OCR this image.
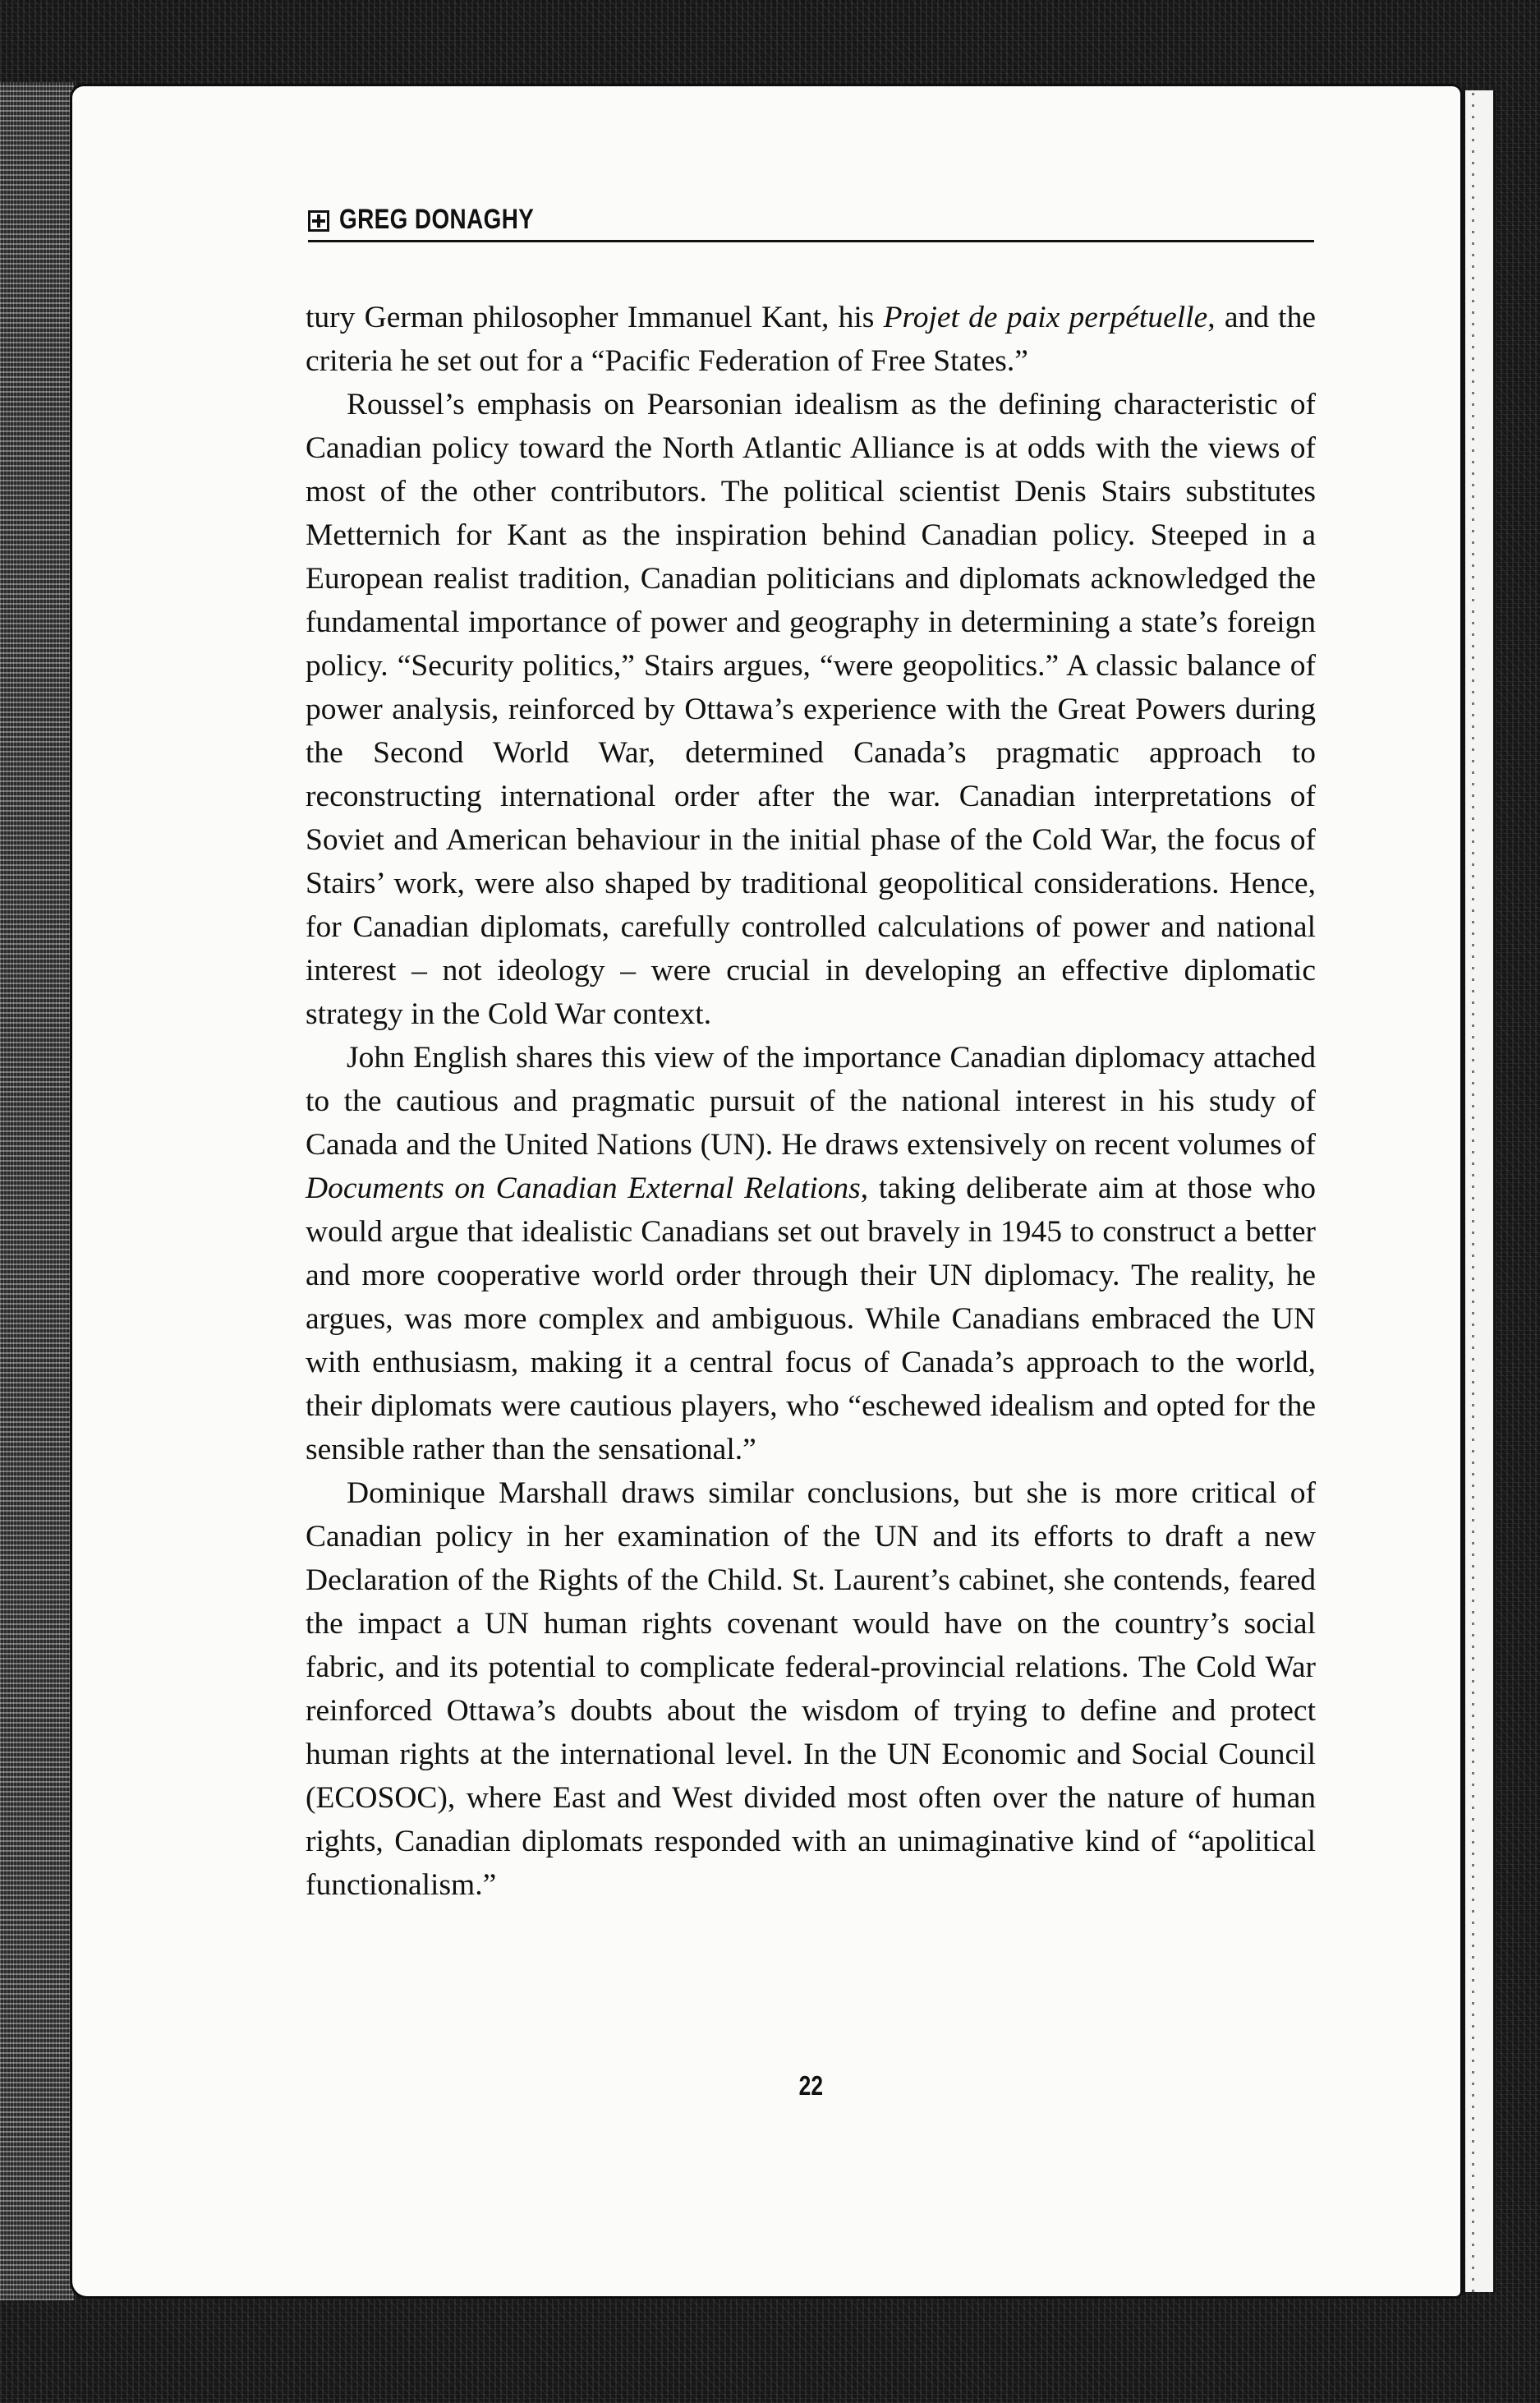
GREG DONAGHY

tury German philosopher Immanuel Kant, his Projet de paix perpétuelle, and the criteria he set out for a “Pacific Federation of Free States.”

Roussel’s emphasis on Pearsonian idealism as the defining characteristic of Canadian policy toward the North Atlantic Alliance is at odds with the views of most of the other contributors. The political scientist Denis Stairs substitutes Metternich for Kant as the inspiration behind Canadian policy. Steeped in a European realist tradition, Canadian politicians and diplomats acknowledged the fundamental importance of power and geography in determining a state’s foreign policy. “Security politics,” Stairs argues, “were geopolitics.” A classic balance of power analysis, reinforced by Ottawa’s experience with the Great Powers during the Second World War, determined Canada’s pragmatic approach to reconstructing international order after the war. Canadian interpretations of Soviet and American behaviour in the initial phase of the Cold War, the focus of Stairs’ work, were also shaped by traditional geopolitical considerations. Hence, for Canadian diplomats, carefully controlled calculations of power and national interest – not ideology – were crucial in developing an effective diplomatic strategy in the Cold War context.

John English shares this view of the importance Canadian diplomacy attached to the cautious and pragmatic pursuit of the national interest in his study of Canada and the United Nations (UN). He draws extensively on recent volumes of Documents on Canadian External Relations, taking deliberate aim at those who would argue that idealistic Canadians set out bravely in 1945 to construct a better and more cooperative world order through their UN diplomacy. The reality, he argues, was more complex and ambiguous. While Canadians embraced the UN with enthusiasm, making it a central focus of Canada’s approach to the world, their diplomats were cautious players, who “eschewed idealism and opted for the sensible rather than the sensational.”

Dominique Marshall draws similar conclusions, but she is more critical of Canadian policy in her examination of the UN and its efforts to draft a new Declaration of the Rights of the Child. St. Laurent’s cabinet, she contends, feared the impact a UN human rights covenant would have on the country’s social fabric, and its potential to complicate federal-provincial relations. The Cold War reinforced Ottawa’s doubts about the wisdom of trying to define and protect human rights at the international level. In the UN Economic and Social Council (ECOSOC), where East and West divided most often over the nature of human rights, Canadian diplomats responded with an unimaginative kind of “apolitical functionalism.”

22
